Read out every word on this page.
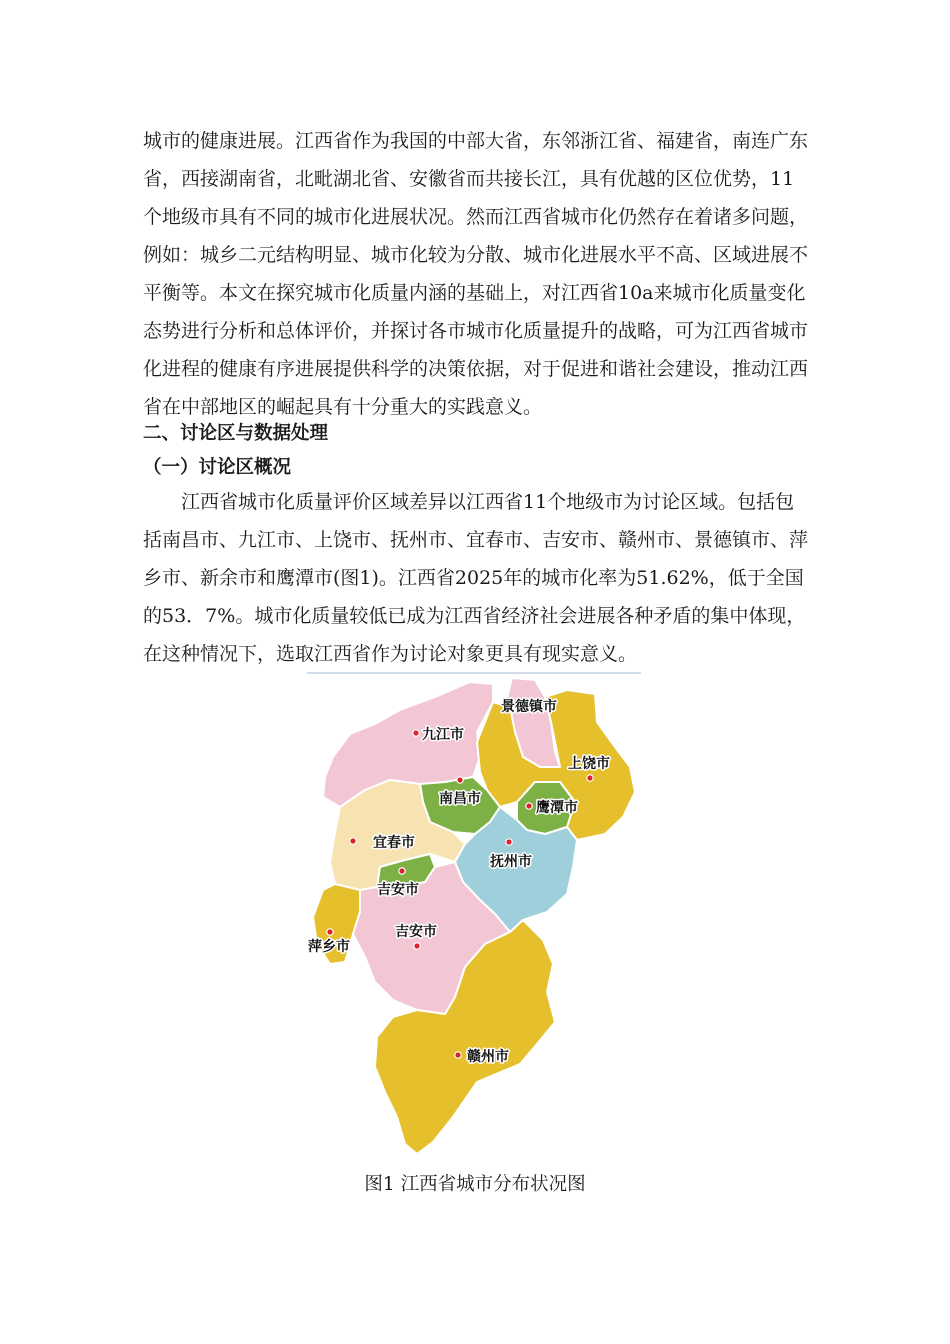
城市的健康进展。江西省作为我国的中部大省，东邻浙江省、福建省，南连广东省，西接湖南省，北毗湖北省、安徽省而共接长江，具有优越的区位优势，11个地级市具有不同的城市化进展状况。然而江西省城市化仍然存在着诸多问题，例如：城乡二元结构明显、城市化较为分散、城市化进展水平不高、区域进展不平衡等。本文在探究城市化质量内涵的基础上，对江西省10a来城市化质量变化态势进行分析和总体评价，并探讨各市城市化质量提升的战略，可为江西省城市化进程的健康有序进展提供科学的决策依据，对于促进和谐社会建设，推动江西省在中部地区的崛起具有十分重大的实践意义。

二、讨论区与数据处理
（一）讨论区概况

江西省城市化质量评价区域差异以江西省11个地级市为讨论区域。包括包括南昌市、九江市、上饶市、抚州市、宜春市、吉安市、赣州市、景德镇市、萍乡市、新余市和鹰潭市(图1)。江西省2025年的城市化率为51.62%，低于全国的53．7%。城市化质量较低已成为江西省经济社会进展各种矛盾的集中体现，在这种情况下，选取江西省作为讨论对象更具有现实意义。

景德镇市
九江市
上饶市
南昌市
鹰潭市
宜春市
抚州市
吉安市
萍乡市
吉安市
赣州市
图1 江西省城市分布状况图
